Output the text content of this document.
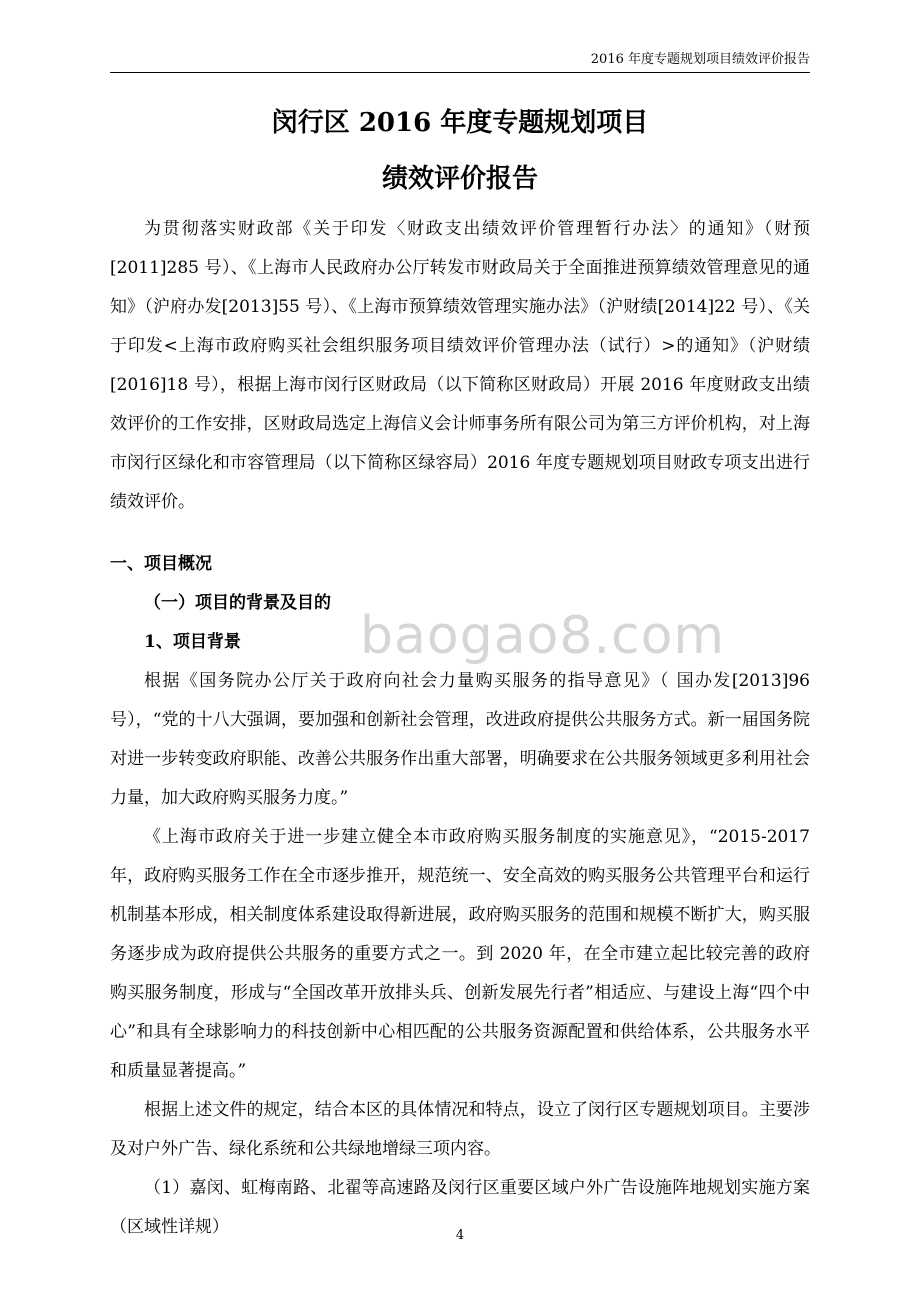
2016 年度专题规划项目绩效评价报告
闵行区 2016 年度专题规划项目
绩效评价报告

为贯彻落实财政部《关于印发〈财政支出绩效评价管理暂行办法〉的通知》（财预[2011]285 号）、《上海市人民政府办公厅转发市财政局关于全面推进预算绩效管理意见的通知》（沪府办发[2013]55 号）、《上海市预算绩效管理实施办法》（沪财绩[2014]22 号）、《关于印发<上海市政府购买社会组织服务项目绩效评价管理办法（试行）>的通知》（沪财绩[2016]18 号），根据上海市闵行区财政局（以下简称区财政局）开展 2016 年度财政支出绩效评价的工作安排，区财政局选定上海信义会计师事务所有限公司为第三方评价机构，对上海市闵行区绿化和市容管理局（以下简称区绿容局）2016 年度专题规划项目财政专项支出进行绩效评价。

一、项目概况
（一）项目的背景及目的
1、项目背景

根据《国务院办公厅关于政府向社会力量购买服务的指导意见》（ 国办发[2013]96 号），“党的十八大强调，要加强和创新社会管理，改进政府提供公共服务方式。新一届国务院对进一步转变政府职能、改善公共服务作出重大部署，明确要求在公共服务领域更多利用社会力量，加大政府购买服务力度。”

《上海市政府关于进一步建立健全本市政府购买服务制度的实施意见》，“2015-2017 年，政府购买服务工作在全市逐步推开，规范统一、安全高效的购买服务公共管理平台和运行机制基本形成，相关制度体系建设取得新进展，政府购买服务的范围和规模不断扩大，购买服务逐步成为政府提供公共服务的重要方式之一。到 2020 年，在全市建立起比较完善的政府购买服务制度，形成与“全国改革开放排头兵、创新发展先行者”相适应、与建设上海“四个中心”和具有全球影响力的科技创新中心相匹配的公共服务资源配置和供给体系，公共服务水平和质量显著提高。”

根据上述文件的规定，结合本区的具体情况和特点，设立了闵行区专题规划项目。主要涉及对户外广告、绿化系统和公共绿地增绿三项内容。

（1）嘉闵、虹梅南路、北翟等高速路及闵行区重要区域户外广告设施阵地规划实施方案（区域性详规）

baogao8.com
4
